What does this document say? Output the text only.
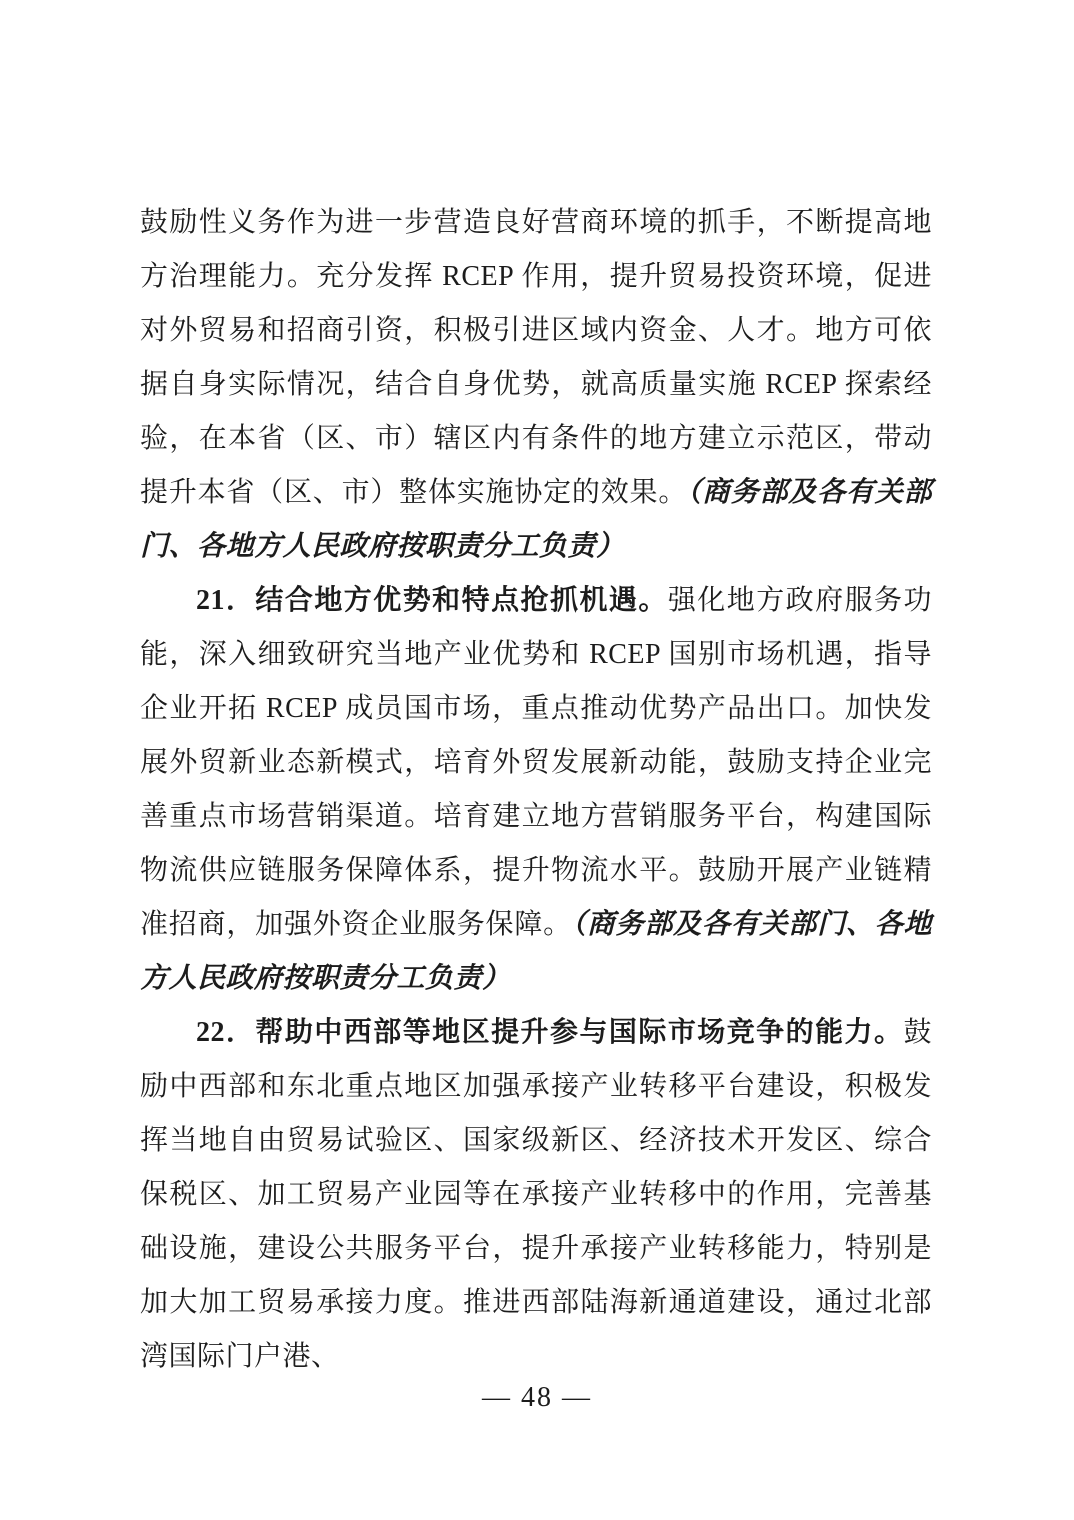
鼓励性义务作为进一步营造良好营商环境的抓手，不断提高地方治理能力。充分发挥 RCEP 作用，提升贸易投资环境，促进对外贸易和招商引资，积极引进区域内资金、人才。地方可依据自身实际情况，结合自身优势，就高质量实施 RCEP 探索经验，在本省（区、市）辖区内有条件的地方建立示范区，带动提升本省（区、市）整体实施协定的效果。（商务部及各有关部门、各地方人民政府按职责分工负责）

21．结合地方优势和特点抢抓机遇。强化地方政府服务功能，深入细致研究当地产业优势和 RCEP 国别市场机遇，指导企业开拓 RCEP 成员国市场，重点推动优势产品出口。加快发展外贸新业态新模式，培育外贸发展新动能，鼓励支持企业完善重点市场营销渠道。培育建立地方营销服务平台，构建国际物流供应链服务保障体系，提升物流水平。鼓励开展产业链精准招商，加强外资企业服务保障。（商务部及各有关部门、各地方人民政府按职责分工负责）

22．帮助中西部等地区提升参与国际市场竞争的能力。鼓励中西部和东北重点地区加强承接产业转移平台建设，积极发挥当地自由贸易试验区、国家级新区、经济技术开发区、综合保税区、加工贸易产业园等在承接产业转移中的作用，完善基础设施，建设公共服务平台，提升承接产业转移能力，特别是加大加工贸易承接力度。推进西部陆海新通道建设，通过北部湾国际门户港、

— 48 —
